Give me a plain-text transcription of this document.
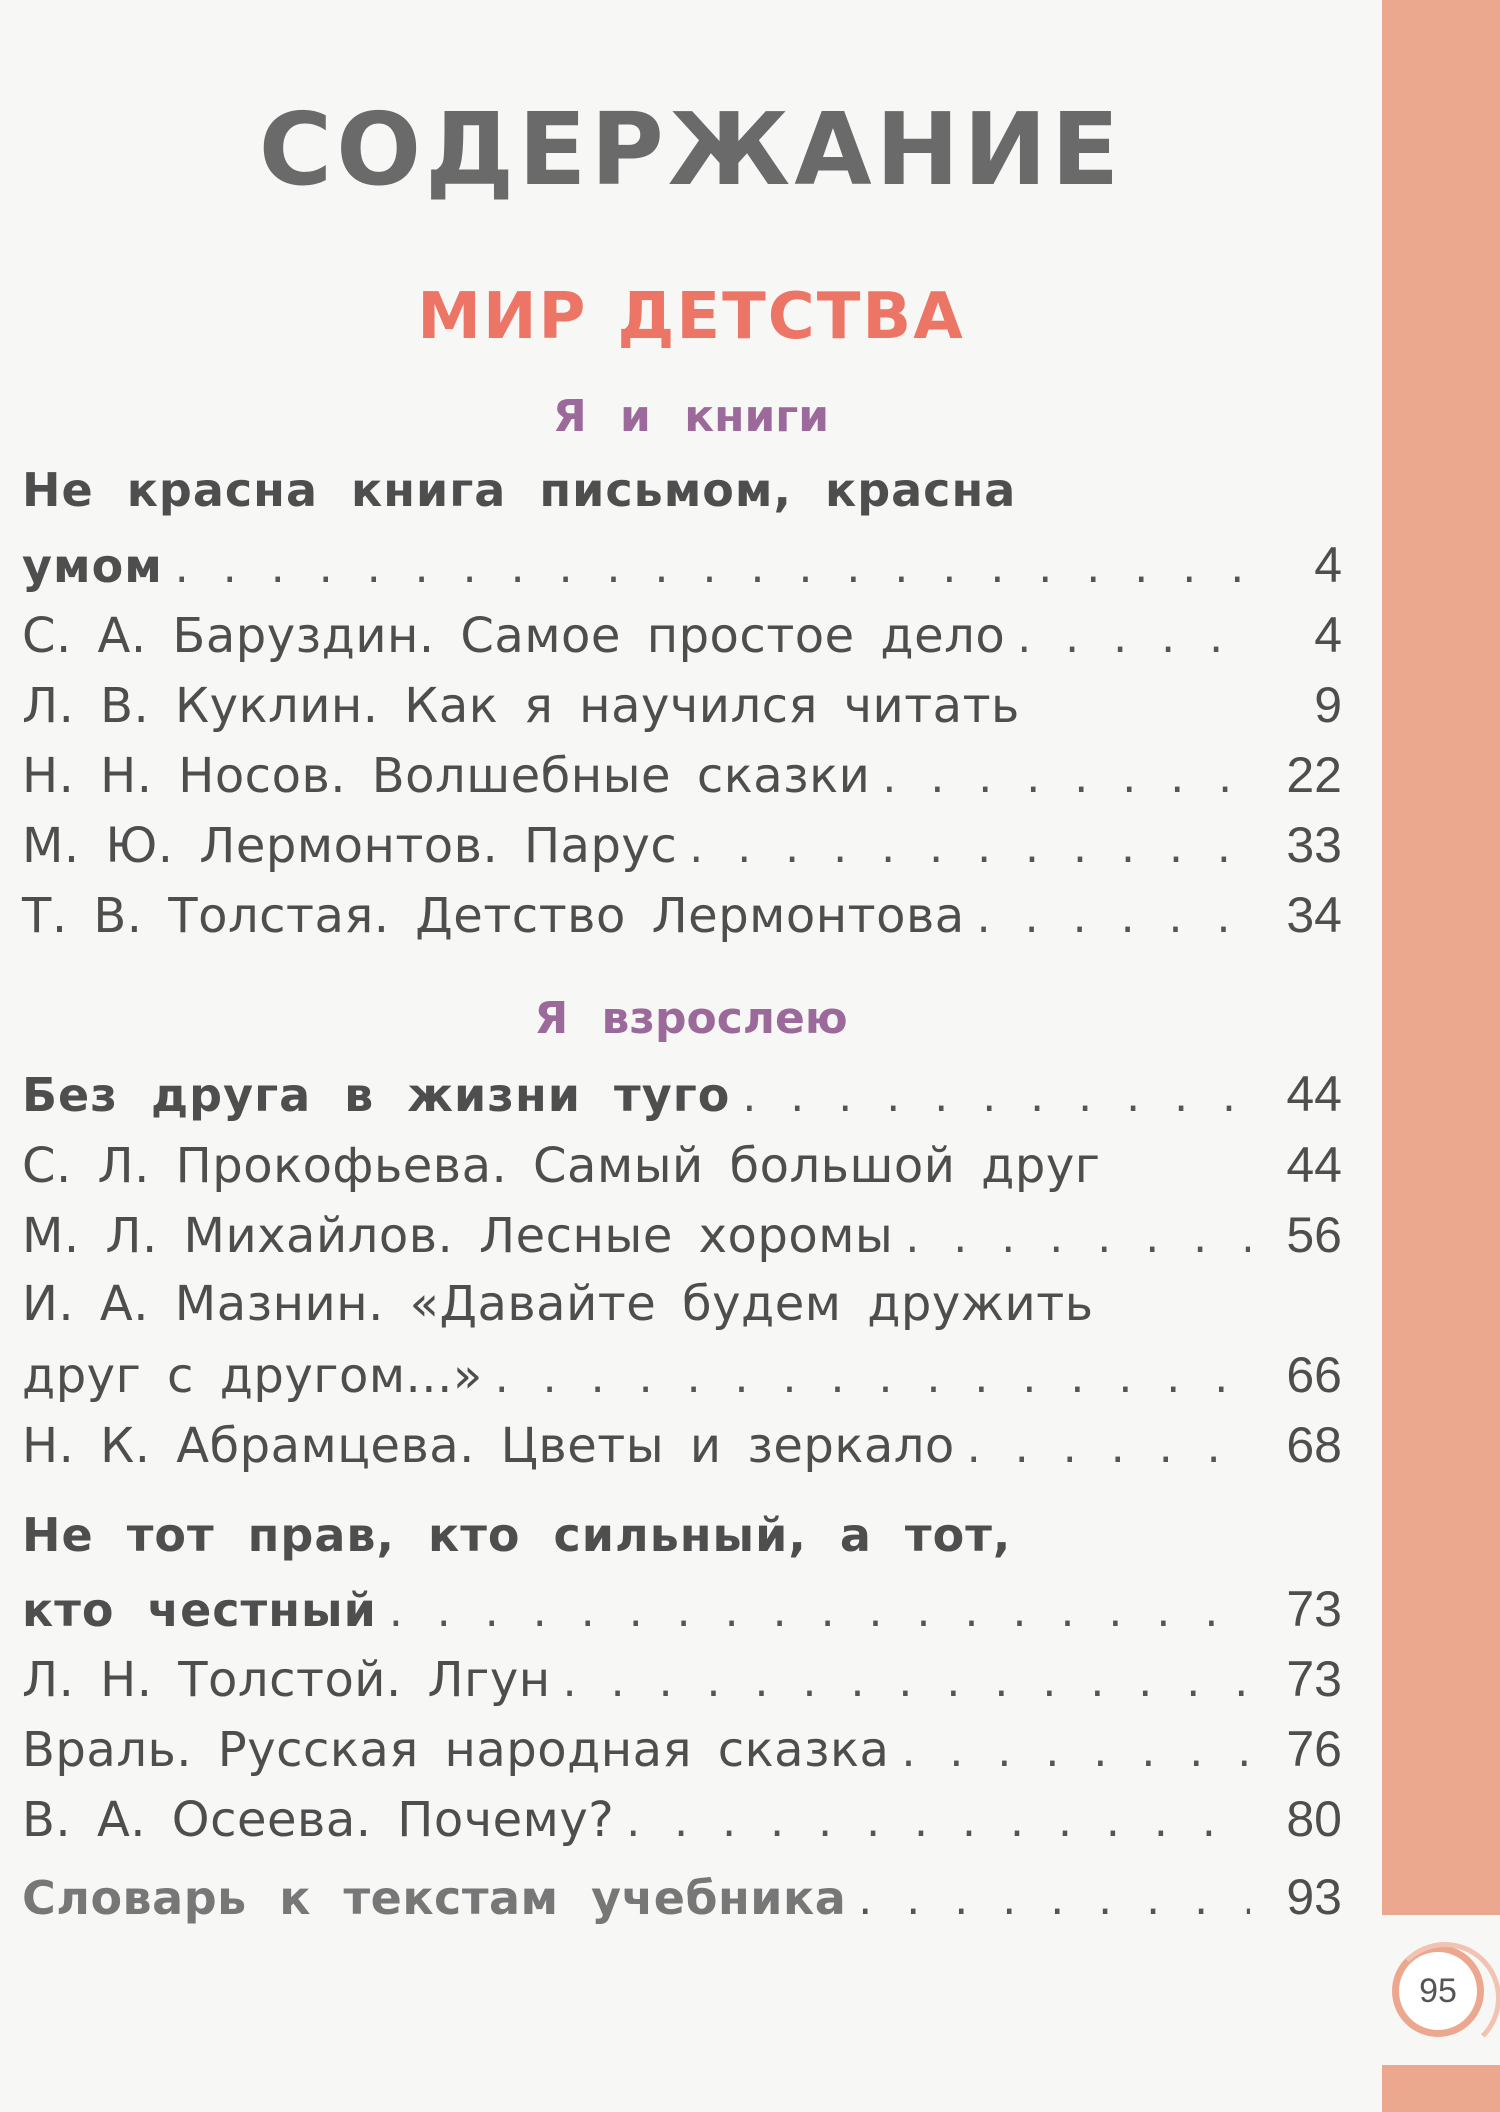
СОДЕРЖАНИЕ
МИР ДЕТСТВА
Я и книги
Не красна книга письмом, красна
умом . . .	4
С. А. Баруздин. Самое простое дело . . .	4
Л. В. Куклин. Как я научился читать	9
Н. Н. Носов. Волшебные сказки . . .	22
М. Ю. Лермонтов. Парус . . .	33
Т. В. Толстая. Детство Лермонтова . . .	34
Я взрослею
Без друга в жизни туго . . .	44
С. Л. Прокофьева. Самый большой друг	44
М. Л. Михайлов. Лесные хоромы . . .	56
И. А. Мазнин. «Давайте будем дружить
друг с другом...» . . .	66
Н. К. Абрамцева. Цветы и зеркало . . .	68
Не тот прав, кто сильный, а тот,
кто честный . . .	73
Л. Н. Толстой. Лгун . . .	73
Враль. Русская народная сказка . . .	76
В. А. Осеева. Почему? . . .	80
Словарь к текстам учебника . . .	93
95
